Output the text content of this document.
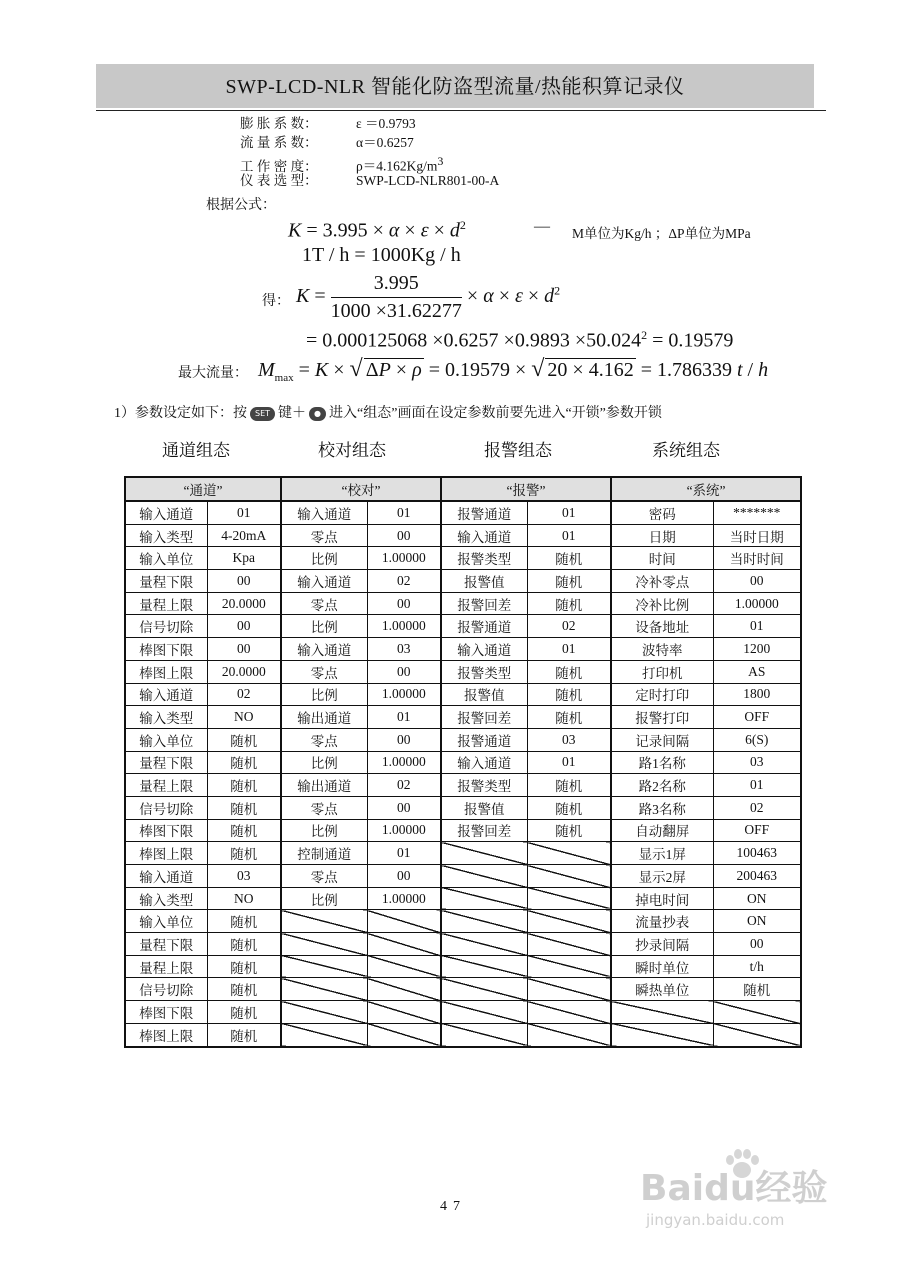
SWP-LCD-NLR 智能化防盗型流量/热能积算记录仪
膨 胀 系 数：	ε ＝0.9793
流 量 系 数：	α＝0.6257
工 作 密 度：	ρ＝4.162Kg/m3
仪 表 选 型：	SWP-LCD-NLR801-00-A
根据公式：
$K = 3.995 \times \alpha \times \varepsilon \times d^2$	— M单位为Kg/h ；ΔP单位为MPa
1T / h = 1000Kg / h
得： $K = \frac{3.995}{1000 \times 31.62277} \times \alpha \times \varepsilon \times d^2$
= $0.000125068 \times 0.6257 \times 0.9893 \times 50.024^2 = 0.19579$
最大流量： $M_{max} = K$ × √ ΔP × ρ = 0.19579 × √ 20 × 4.162 = 1.786339 t / h
1）参数设定如下：按 SET 键＋ ● 进入“组态”画面在设定参数前要先进入“开锁”参数开锁
通道组态	校对组态	报警组态	系统组态
“通道”		“校对”		“报警”		“系统”	
输入通道	01	输入通道	01	报警通道	01	密码	*******
输入类型	4-20mA	零点	00	输入通道	01	日期	当时日期
输入单位	Kpa	比例	1.00000	报警类型	随机	时间	当时时间
量程下限	00	输入通道	02	报警值	随机	冷补零点	00
量程上限	20.0000	零点	00	报警回差	随机	冷补比例	1.00000
信号切除	00	比例	1.00000	报警通道	02	设备地址	01
棒图下限	00	输入通道	03	输入通道	01	波特率	1200
棒图上限	20.0000	零点	00	报警类型	随机	打印机	AS
输入通道	02	比例	1.00000	报警值	随机	定时打印	1800
输入类型	NO	输出通道	01	报警回差	随机	报警打印	OFF
输入单位	随机	零点	00	报警通道	03	记录间隔	6(S)
量程下限	随机	比例	1.00000	输入通道	01	路1名称	03
量程上限	随机	输出通道	02	报警类型	随机	路2名称	01
信号切除	随机	零点	00	报警值	随机	路3名称	02
棒图下限	随机	比例	1.00000	报警回差	随机	自动翻屏	OFF
棒图上限	随机	控制通道	01			显示1屏	100463
输入通道	03	零点	00			显示2屏	200463
输入类型	NO	比例	1.00000			掉电时间	ON
输入单位	随机					流量抄表	ON
量程下限	随机					抄录间隔	00
量程上限	随机					瞬时单位	t/h
信号切除	随机					瞬热单位	随机
棒图下限	随机						
棒图上限	随机						
47	Baidu经验
jingyan.baidu.com
